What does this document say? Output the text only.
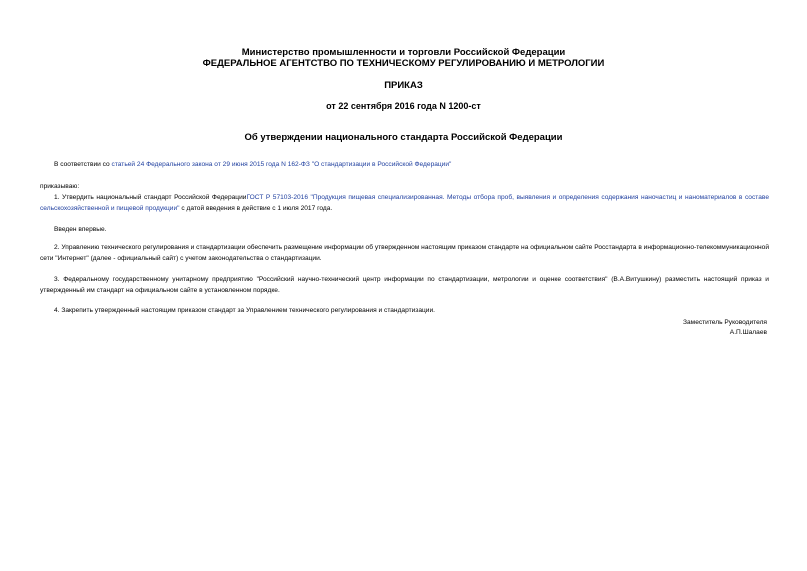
Министерство промышленности и торговли Российской Федерации
ФЕДЕРАЛЬНОЕ АГЕНТСТВО ПО ТЕХНИЧЕСКОМУ РЕГУЛИРОВАНИЮ И МЕТРОЛОГИИ
ПРИКАЗ
от 22 сентября 2016 года N 1200-ст
Об утверждении национального стандарта Российской Федерации

В соответствии со статьей 24 Федерального закона от 29 июня 2015 года N 162-ФЗ "О стандартизации в Российской Федерации"

приказываю:

1. Утвердить национальный стандарт Российской ФедерацииГОСТ Р 57103-2016 "Продукция пищевая специализированная. Методы отбора проб, выявления и определения содержания наночастиц и наноматериалов в составе сельскохозяйственной и пищевой продукции" с датой введения в действие с 1 июля 2017 года.

Введен впервые.

2. Управлению технического регулирования и стандартизации обеспечить размещение информации об утвержденном настоящим приказом стандарте на официальном сайте Росстандарта в информационно-телекоммуникационной сети "Интернет" (далее - официальный сайт) с учетом законодательства о стандартизации.

3. Федеральному государственному унитарному предприятию "Российский научно-технический центр информации по стандартизации, метрологии и оценке соответствия" (В.А.Витушкину) разместить настоящий приказ и утвержденный им стандарт на официальном сайте в установленном порядке.

4. Закрепить утвержденный настоящим приказом стандарт за Управлением технического регулирования и стандартизации.

Заместитель Руководителя
А.П.Шалаев
